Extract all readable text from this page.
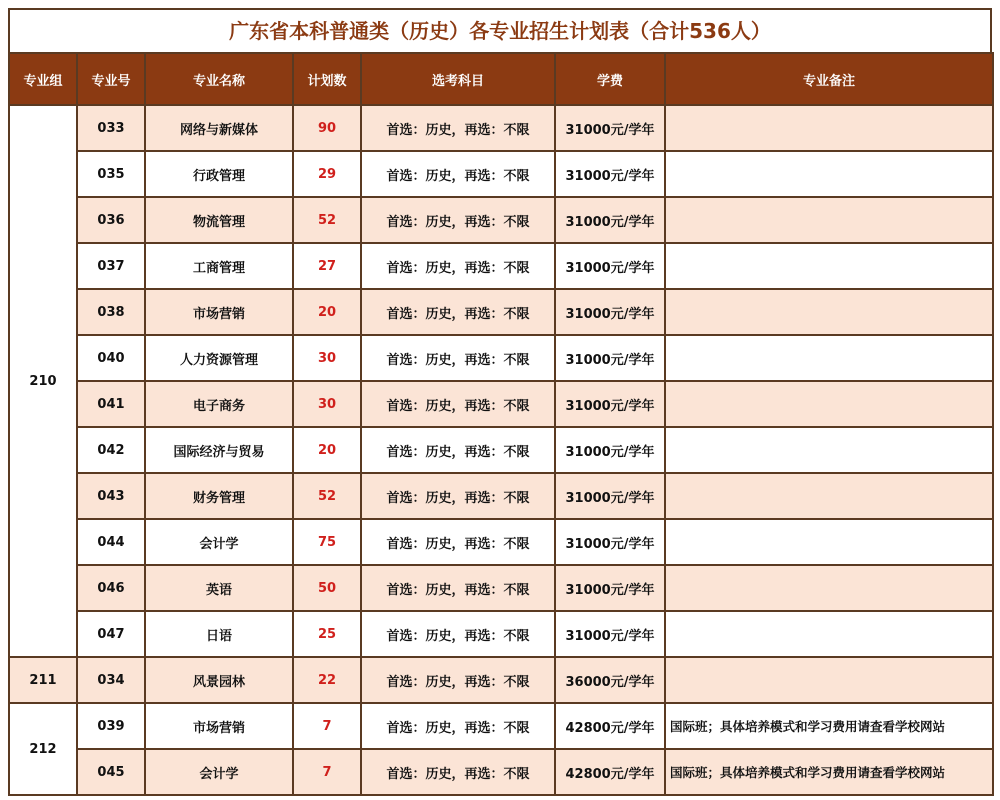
广东省本科普通类（历史）各专业招生计划表（合计536人）
专业组	专业号	专业名称	计划数	选考科目	学费	专业备注
210	033	网络与新媒体	90	首选：历史，再选：不限	31000元/学年	
	035	行政管理	29	首选：历史，再选：不限	31000元/学年	
	036	物流管理	52	首选：历史，再选：不限	31000元/学年	
	037	工商管理	27	首选：历史，再选：不限	31000元/学年	
	038	市场营销	20	首选：历史，再选：不限	31000元/学年	
	040	人力资源管理	30	首选：历史，再选：不限	31000元/学年	
	041	电子商务	30	首选：历史，再选：不限	31000元/学年	
	042	国际经济与贸易	20	首选：历史，再选：不限	31000元/学年	
	043	财务管理	52	首选：历史，再选：不限	31000元/学年	
	044	会计学	75	首选：历史，再选：不限	31000元/学年	
	046	英语	50	首选：历史，再选：不限	31000元/学年	
	047	日语	25	首选：历史，再选：不限	31000元/学年	
211	034	风景园林	22	首选：历史，再选：不限	36000元/学年	
212	039	市场营销	7	首选：历史，再选：不限	42800元/学年	国际班；具体培养模式和学习费用请查看学校网站
	045	会计学	7	首选：历史，再选：不限	42800元/学年	国际班；具体培养模式和学习费用请查看学校网站
